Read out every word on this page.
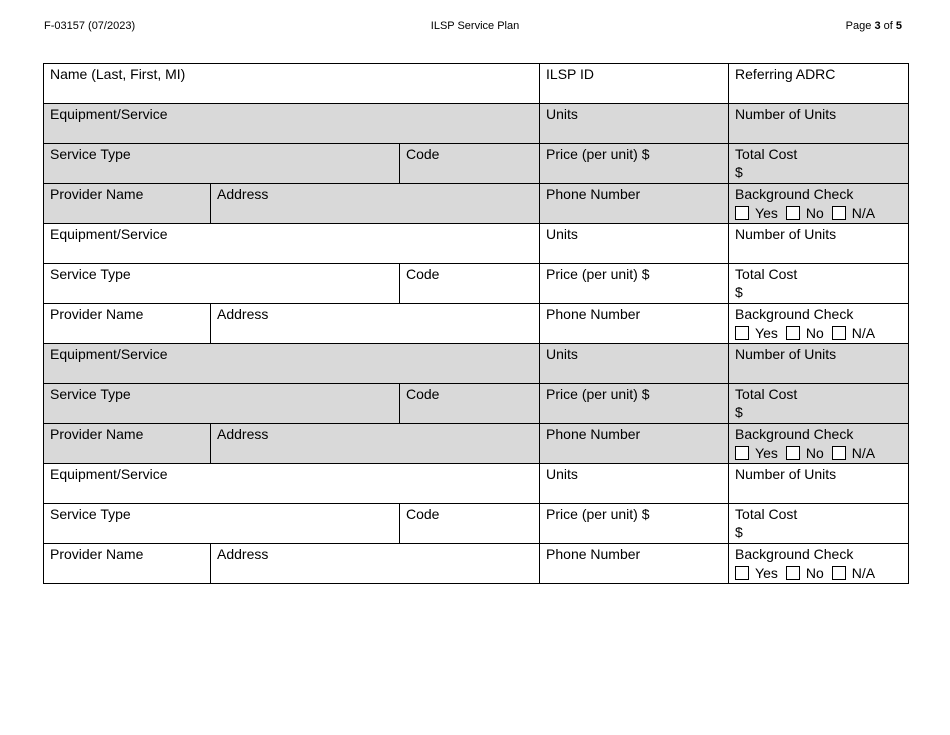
F-03157 (07/2023)	ILSP Service Plan	Page 3 of 5
Name (Last, First, MI)			ILSP ID	Referring ADRC
Equipment/Service			Units	Number of Units
Service Type		Code	Price (per unit) $	Total Cost
$

Provider Name	Address		Phone Number	Background Check
Yes No N/A

Equipment/Service			Units	Number of Units
Service Type		Code	Price (per unit) $	Total Cost
$

Provider Name	Address		Phone Number	Background Check
Yes No N/A

Equipment/Service			Units	Number of Units
Service Type		Code	Price (per unit) $	Total Cost
$

Provider Name	Address		Phone Number	Background Check
Yes No N/A

Equipment/Service			Units	Number of Units
Service Type		Code	Price (per unit) $	Total Cost
$

Provider Name	Address		Phone Number	Background Check
Yes No N/A
